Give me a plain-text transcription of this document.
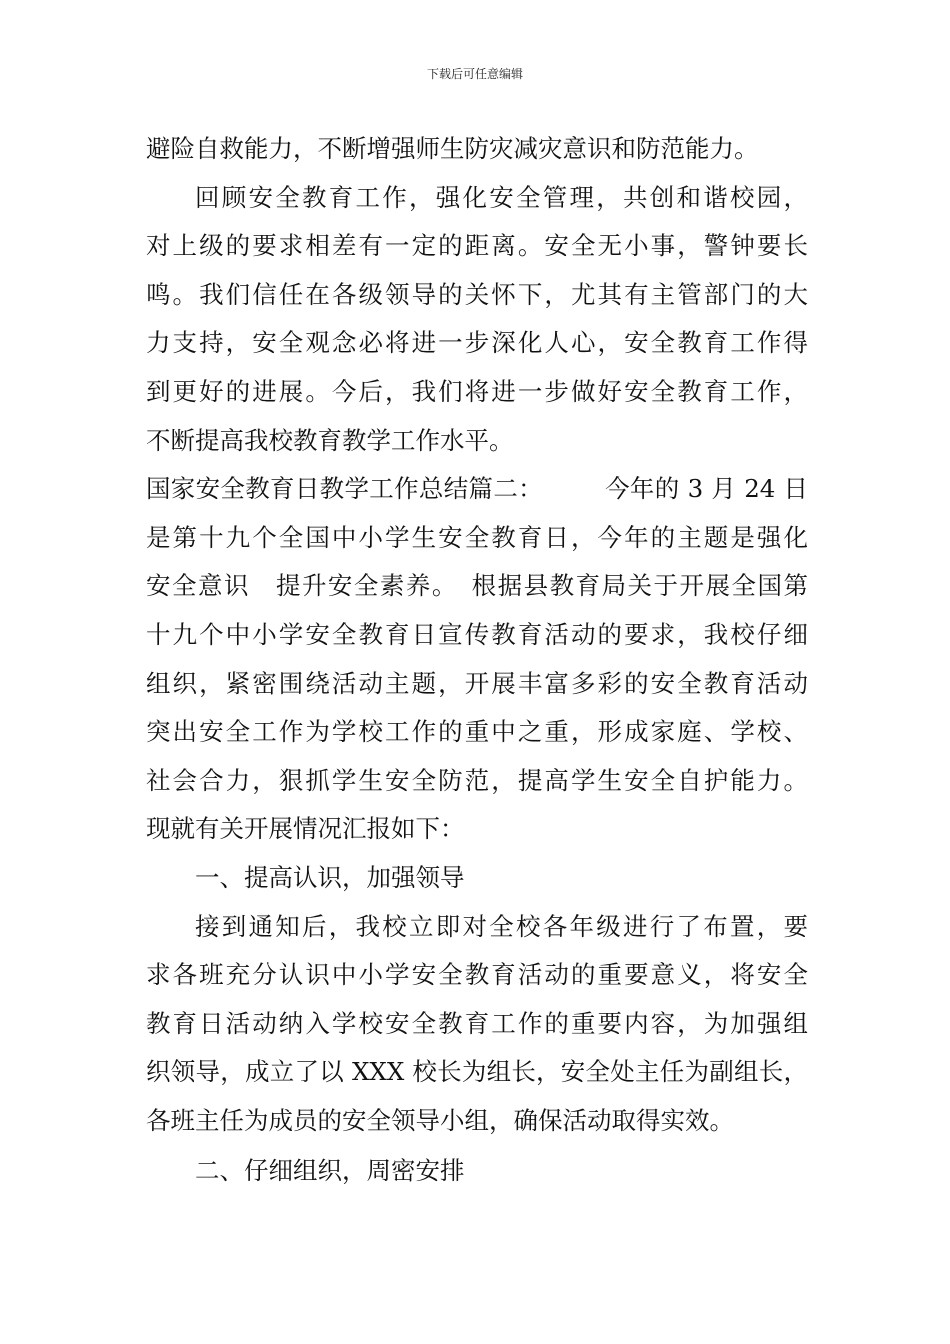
下载后可任意编辑
避险自救能力，不断增强师生防灾减灾意识和防范能力。
回顾安全教育工作，强化安全管理，共创和谐校园，
对上级的要求相差有一定的距离。安全无小事，警钟要长
鸣。我们信任在各级领导的关怀下，尤其有主管部门的大
力支持，安全观念必将进一步深化人心，安全教育工作得
到更好的进展。今后，我们将进一步做好安全教育工作，
不断提高我校教育教学工作水平。
国家安全教育日教学工作总结篇二：　　　今年的 3 月 24 日
是第十九个全国中小学生安全教育日，今年的主题是强化
安全意识　提升安全素养。　根据县教育局关于开展全国第
十九个中小学安全教育日宣传教育活动的要求，我校仔细
组织，紧密围绕活动主题，开展丰富多彩的安全教育活动
突出安全工作为学校工作的重中之重，形成家庭、学校、
社会合力，狠抓学生安全防范，提高学生安全自护能力。
现就有关开展情况汇报如下：
一、提高认识，加强领导
接到通知后，我校立即对全校各年级进行了布置，要
求各班充分认识中小学安全教育活动的重要意义，将安全
教育日活动纳入学校安全教育工作的重要内容，为加强组
织领导，成立了以 XXX 校长为组长，安全处主任为副组长，
各班主任为成员的安全领导小组，确保活动取得实效。
二、仔细组织，周密安排
